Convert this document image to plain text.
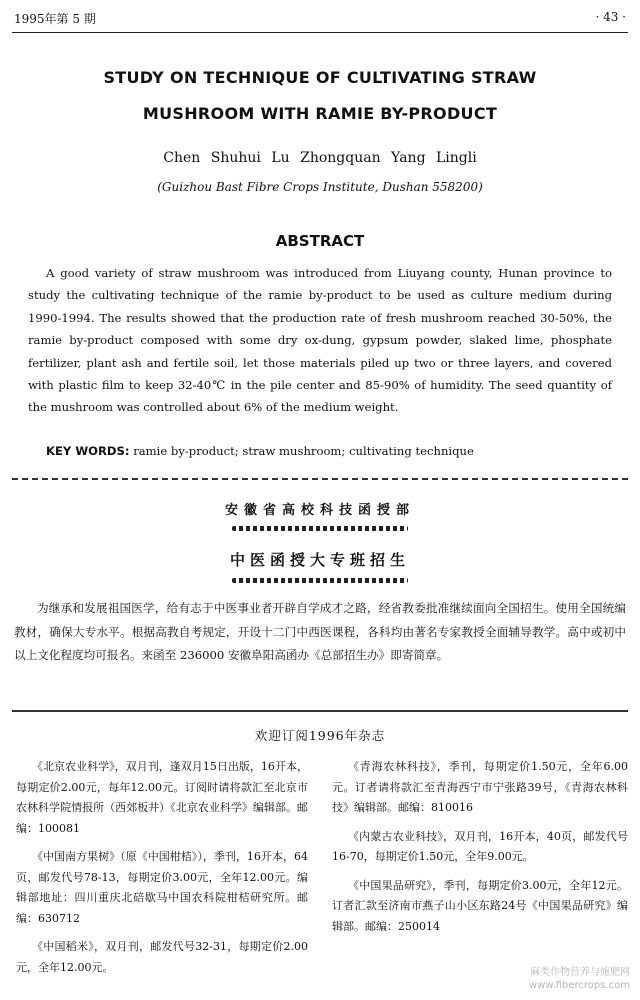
1995年第 5 期	· 43 ·
STUDY ON TECHNIQUE OF CULTIVATING STRAW
MUSHROOM WITH RAMIE BY-PRODUCT
Chen Shuhui Lu Zhongquan Yang Lingli
(Guizhou Bast Fibre Crops Institute, Dushan 558200)
ABSTRACT
A good variety of straw mushroom was introduced from Liuyang county, Hunan province to study the cultivating technique of the ramie by-product to be used as culture medium during 1990-1994. The results showed that the production rate of fresh mushroom reached 30-50%, the ramie by-product composed with some dry ox-dung, gypsum powder, slaked lime, phosphate fertilizer, plant ash and fertile soil, let those materials piled up two or three layers, and covered with plastic film to keep 32-40℃ in the pile center and 85-90% of humidity. The seed quantity of the mushroom was controlled about 6% of the medium weight.
KEY WORDS: ramie by-product; straw mushroom; cultivating technique
安徽省高校科技函授部
中医函授大专班招生
为继承和发展祖国医学，给有志于中医事业者开辟自学成才之路，经省教委批准继续面向全国招生。使用全国统编教材，确保大专水平。根据高教自考规定，开设十二门中西医课程，各科均由著名专家教授全面辅导教学。高中或初中以上文化程度均可报名。来函至 236000 安徽阜阳高函办《总部招生办》即寄简章。
欢迎订阅1996年杂志

《北京农业科学》，双月刊，逢双月15日出版，16开本，每期定价2.00元，每年12.00元。订阅时请将款汇至北京市农林科学院情报所（西郊板井）《北京农业科学》编辑部。邮编：100081

《中国南方果树》（原《中国柑桔》），季刊，16开本，64页，邮发代号78-13，每期定价3.00元，全年12.00元。编辑部地址：四川重庆北碚歇马中国农科院柑桔研究所。邮编：630712

《中国稻米》，双月刊，邮发代号32-31，每期定价2.00元，全年12.00元。

《青海农林科技》，季刊，每期定价1.50元，全年6.00元。订者请将款汇至青海西宁市宁张路39号，《青海农林科技》编辑部。邮编：810016

《内蒙古农业科技》，双月刊，16开本，40页，邮发代号16-70，每期定价1.50元，全年9.00元。

《中国果品研究》，季刊，每期定价3.00元，全年12元。订者汇款至济南市燕子山小区东路24号《中国果品研究》编辑部。邮编：250014

麻类作物营养与施肥网
www.fibercrops.com
